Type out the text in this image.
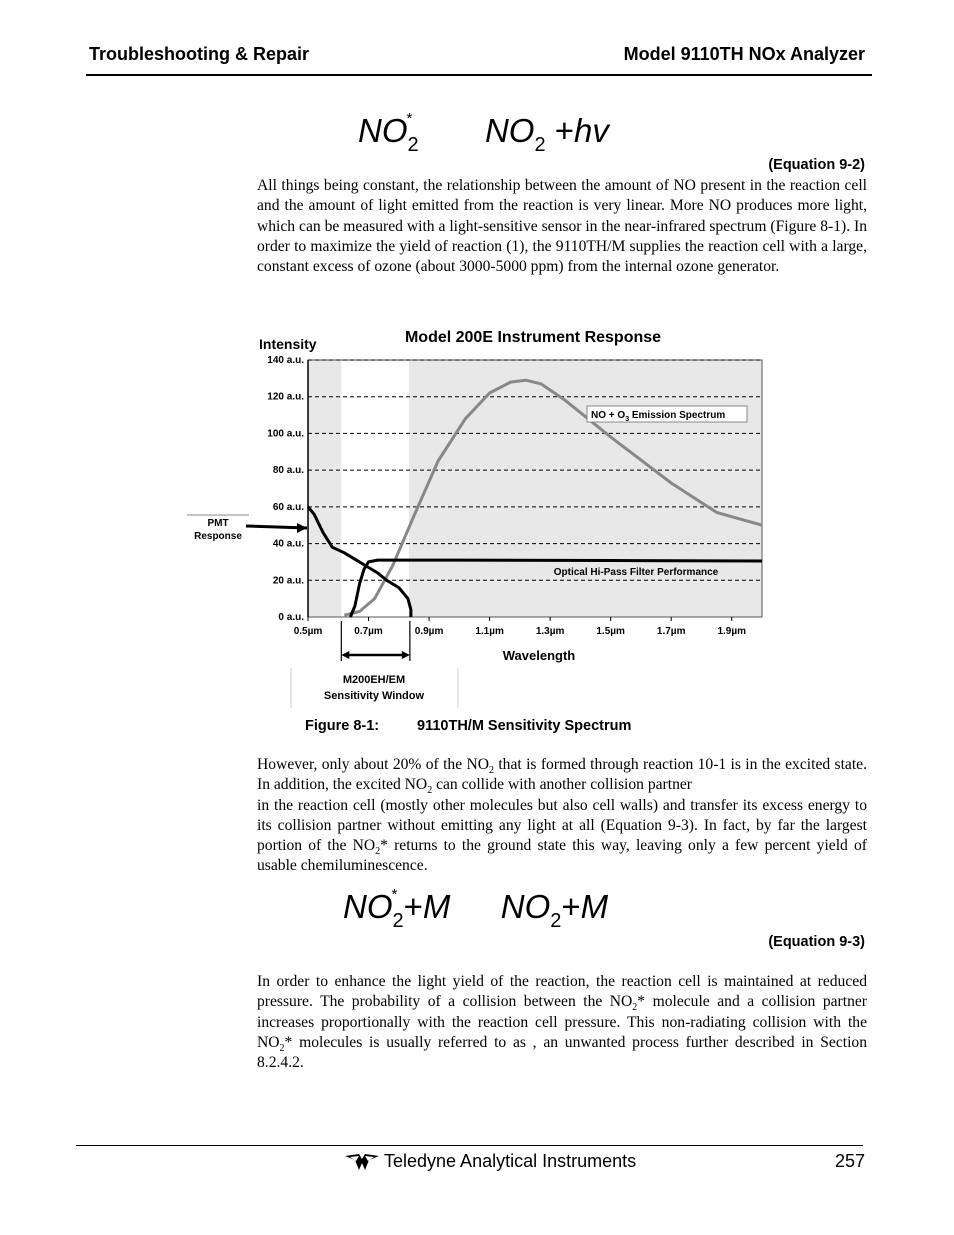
Troubleshooting & Repair	Model 9110TH NOx Analyzer
$NO_2$
* $NO_2 +hv$
(Equation 9-2)
All things being constant, the relationship between the amount of NO present in the reaction cell and the amount of light emitted from the reaction is very linear. More NO produces more light, which can be measured with a light-sensitive sensor in the near-infrared spectrum (Figure 8-1). In order to maximize the yield of reaction (1), the 9110TH/M supplies the reaction cell with a large, constant excess of ozone (about 3000-5000 ppm) from the internal ozone generator.
Model 200E Instrument Response
Intensity
0 a.u.
20 a.u.
40 a.u.
60 a.u.
80 a.u.
100 a.u.
120 a.u.
140 a.u.
0.5µm	0.7µm	0.9µm	1.1µm	1.3µm	1.5µm	1.7µm	1.9µm
NO + $O_3$ Emission Spectrum
Optical Hi-Pass Filter Performance
PMT
Response
M200EH/EM
Sensitivity Window
Wavelength
Figure 8-1:	9110TH/M Sensitivity Spectrum
However, only about 20% of the $NO_2$ that is formed through reaction 10-1 is in the excited state. In addition, the excited $NO_2$ can collide with another collision partner
in the reaction cell (mostly other molecules but also cell walls) and transfer its excess energy to its collision partner without emitting any light at all (Equation 9-3). In fact, by far the largest portion of the $NO_2*$ returns to the ground state this way, leaving only a few percent yield of usable chemiluminescence.
$NO_2$
* +M $NO_2+M$
(Equation 9-3)
In order to enhance the light yield of the reaction, the reaction cell is maintained at reduced pressure. The probability of a collision between the $NO_2*$ molecule and a collision partner increases proportionally with the reaction cell pressure. This non-radiating collision with the $NO_2*$ molecules is usually referred to as , an unwanted process further described in Section 8.2.4.2.
Teledyne Analytical Instruments	257
